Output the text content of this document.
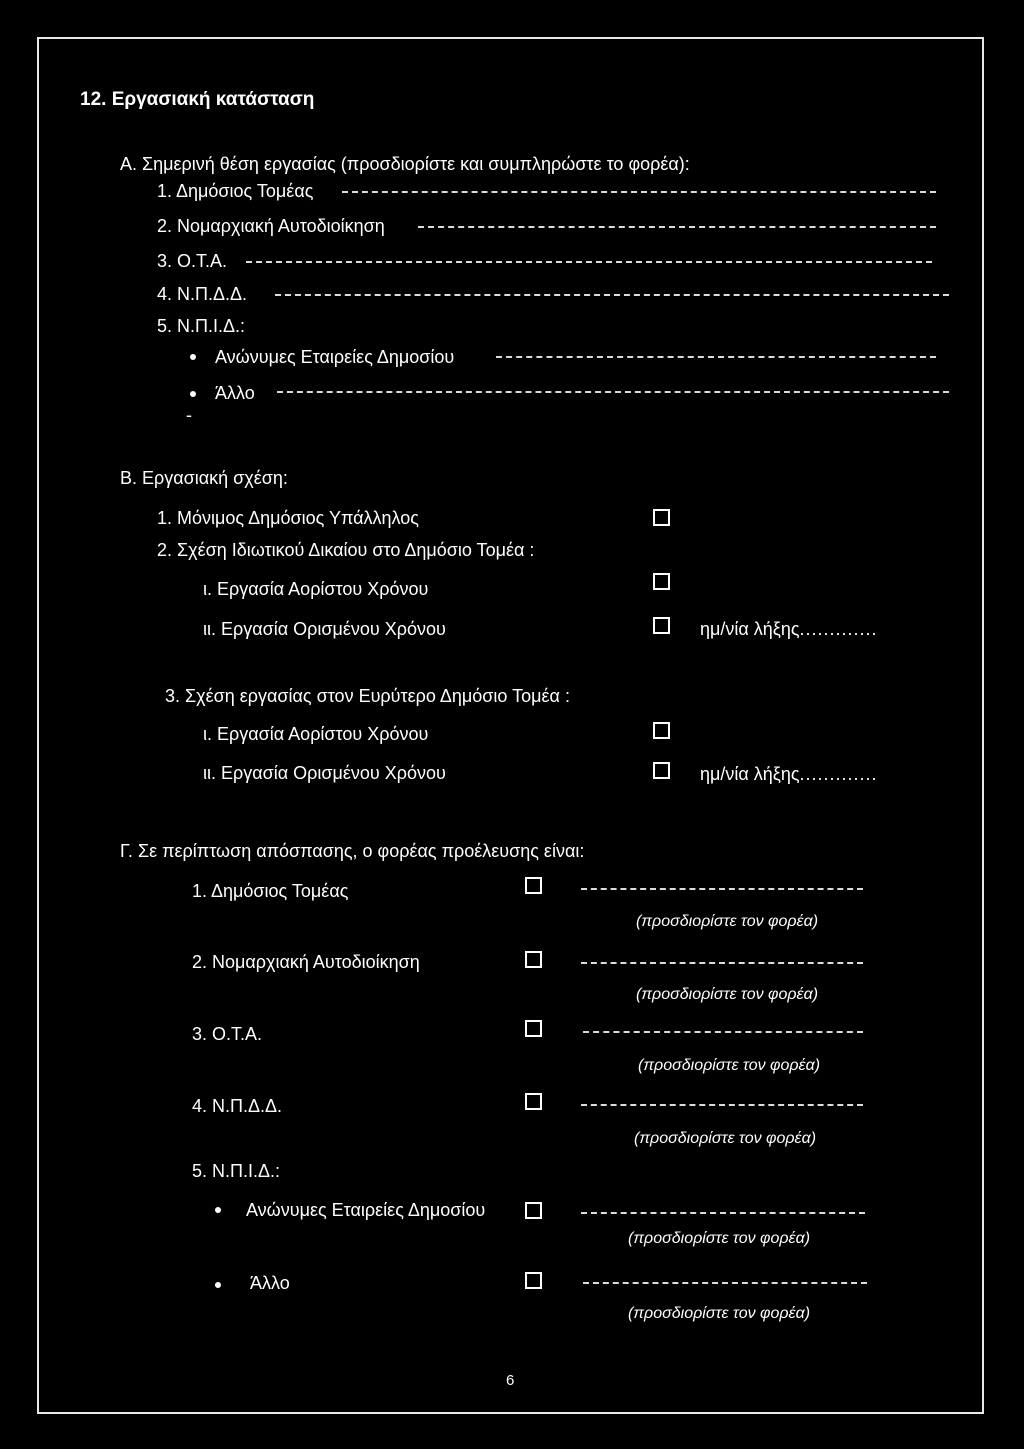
12. Εργασιακή κατάσταση
Α. Σημερινή θέση εργασίας (προσδιορίστε και συμπληρώστε το φορέα):
1. Δημόσιος Τομέας
2. Νομαρχιακή Αυτοδιοίκηση
3. Ο.Τ.Α.
4. Ν.Π.Δ.Δ.
5. Ν.Π.Ι.Δ.:
Ανώνυμες Εταιρείες Δημοσίου
Άλλο
-
Β. Εργασιακή σχέση:
1. Μόνιμος Δημόσιος Υπάλληλος
2. Σχέση Ιδιωτικού Δικαίου στο Δημόσιο Τομέα :
ι. Εργασία Αορίστου Χρόνου
ιι. Εργασία Ορισμένου Χρόνου	ημ/νία λήξης.............
3. Σχέση εργασίας στον Ευρύτερο Δημόσιο Τομέα :
ι. Εργασία Αορίστου Χρόνου
ιι. Εργασία Ορισμένου Χρόνου	ημ/νία λήξης.............
Γ. Σε περίπτωση απόσπασης, ο φορέας προέλευσης είναι:
1. Δημόσιος Τομέας
(προσδιορίστε τον φορέα)
2. Νομαρχιακή Αυτοδιοίκηση
(προσδιορίστε τον φορέα)
3. Ο.Τ.Α.
(προσδιορίστε τον φορέα)
4. Ν.Π.Δ.Δ.
(προσδιορίστε τον φορέα)
5. Ν.Π.Ι.Δ.:
Ανώνυμες Εταιρείες Δημοσίου
(προσδιορίστε τον φορέα)
Άλλο
(προσδιορίστε τον φορέα)
6
